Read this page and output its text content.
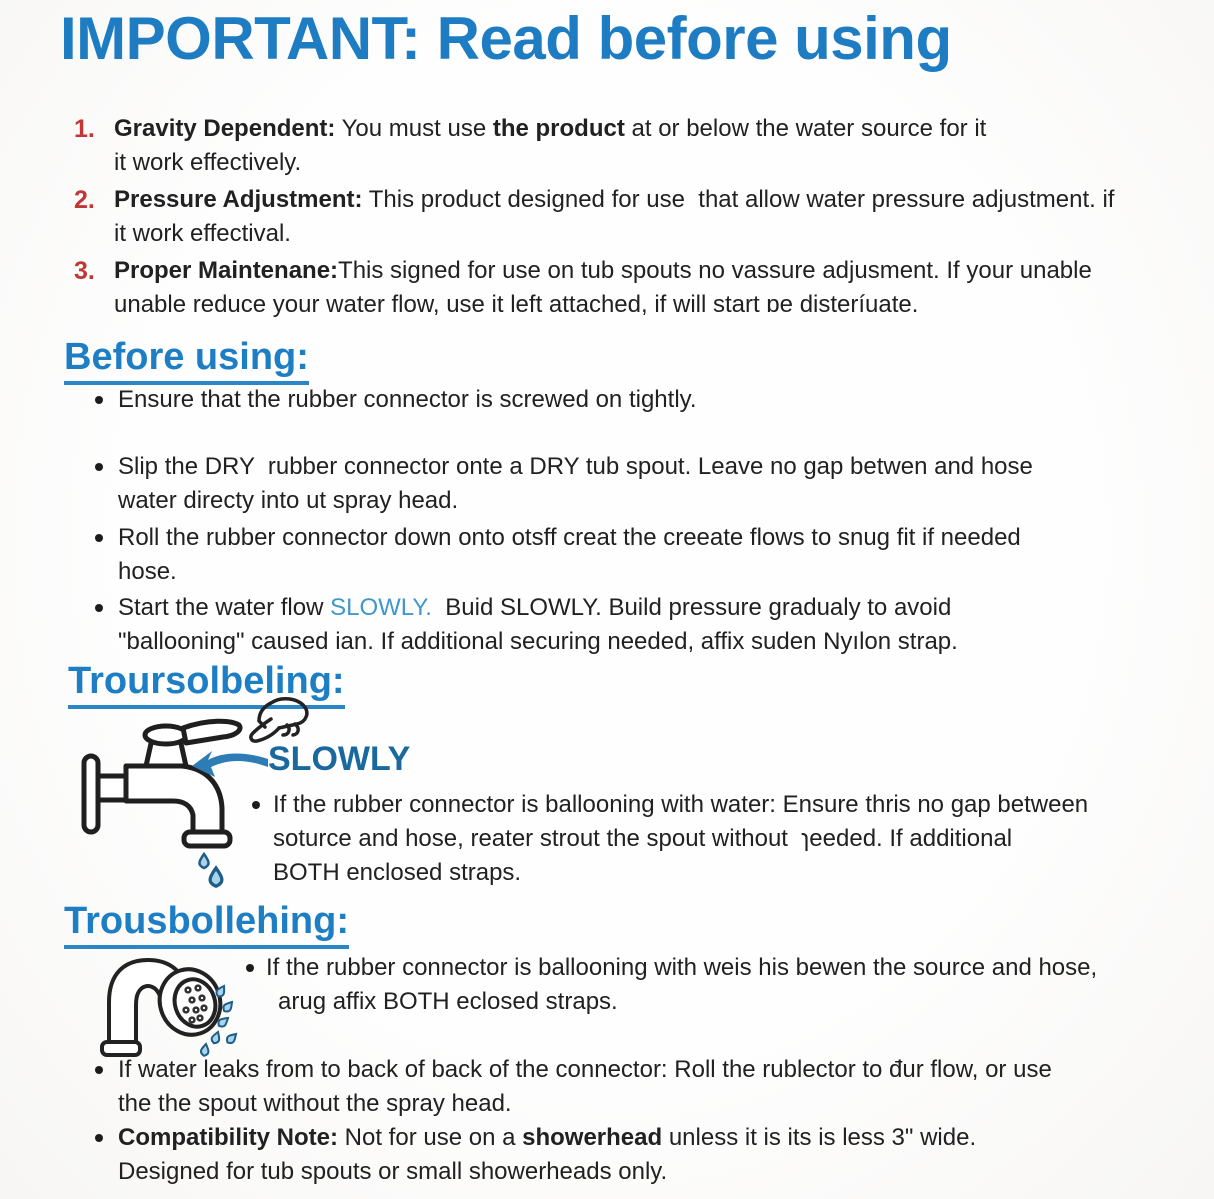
IMPORTANT: Read before using
1. Gravity Dependent: You must use the product at or below the water source for it
it work effectively.
2. Pressure Adjustment: This product designed for use  that allow water pressure adjustment. if
it work effectival.
3. Proper Maintenane:This signed for use on tub spouts no vassure adjusment. If your unable
unable reduce your water flow, use it left attached, if will start ɒe disteríuate.
Before using:
Ensure that the rubber connector is screwed on tightly.
Slip the DRY  rubber connector onte a DRY tub spout. Leave no gap betwen and hose
water directy into ut spray head.
Roll the rubber connector down onto otsff creat the creeate flows to snug fit if needed
hose.
Start the water flow SLOWLY.  Buid SLOWLY. Build pressure gradualy to avoid
"ballooning" caused ian. If additional securing needed, affix suden Nyılon strap.
Troursolbeling:
SLOWLY
If the rubber connector is ballooning with water: Ensure thris no gap between
soturce and hose, reater strout the spout without  ɿeeded. If additional
BOTH enclosed straps.
Trousbollehing:
If the rubber connector is ballooning with weis his bewen the source and hose,
arug affix BOTH eclosed straps.
If water leaks from to back of back of the connector: Roll the rublector to đur flow, or use
the the spout without the spray head.
Compatibility Note: Not for use on a showerhead unless it is its is less 3" wide.
Designed for tub spouts or small showerheads only.
